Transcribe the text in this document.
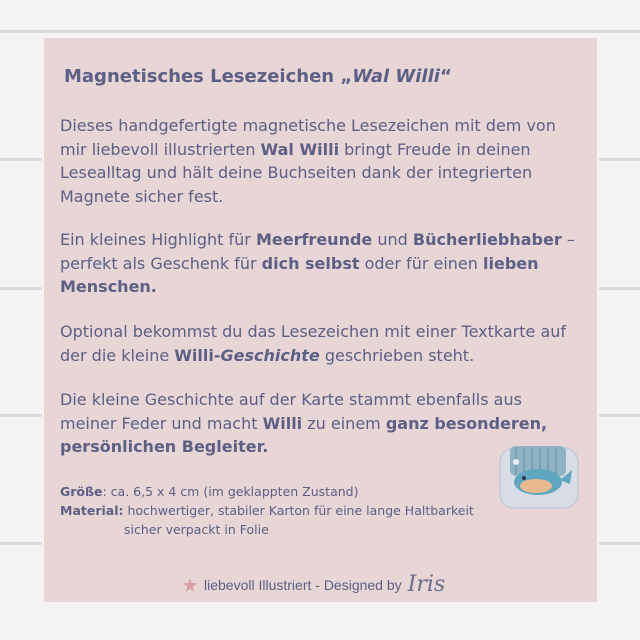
Magnetisches Lesezeichen „Wal Willi“
Dieses handgefertigte magnetische Lesezeichen mit dem von mir liebevoll illustrierten Wal Willi bringt Freude in deinen Lesealltag und hält deine Buchseiten dank der integrierten Magnete sicher fest.
Ein kleines Highlight für Meerfreunde und Bücherliebhaber – perfekt als Geschenk für dich selbst oder für einen lieben Menschen.
Optional bekommst du das Lesezeichen mit einer Textkarte auf der die kleine Willi-Geschichte geschrieben steht.
Die kleine Geschichte auf der Karte stammt ebenfalls aus meiner Feder und macht Willi zu einem ganz besonderen, persönlichen Begleiter.
Größe: ca. 6,5 x 4 cm (im geklappten Zustand)
Material: hochwertiger, stabiler Karton für eine lange Haltbarkeit
sicher verpackt in Folie
liebevoll Illustriert - Designed by Iris
